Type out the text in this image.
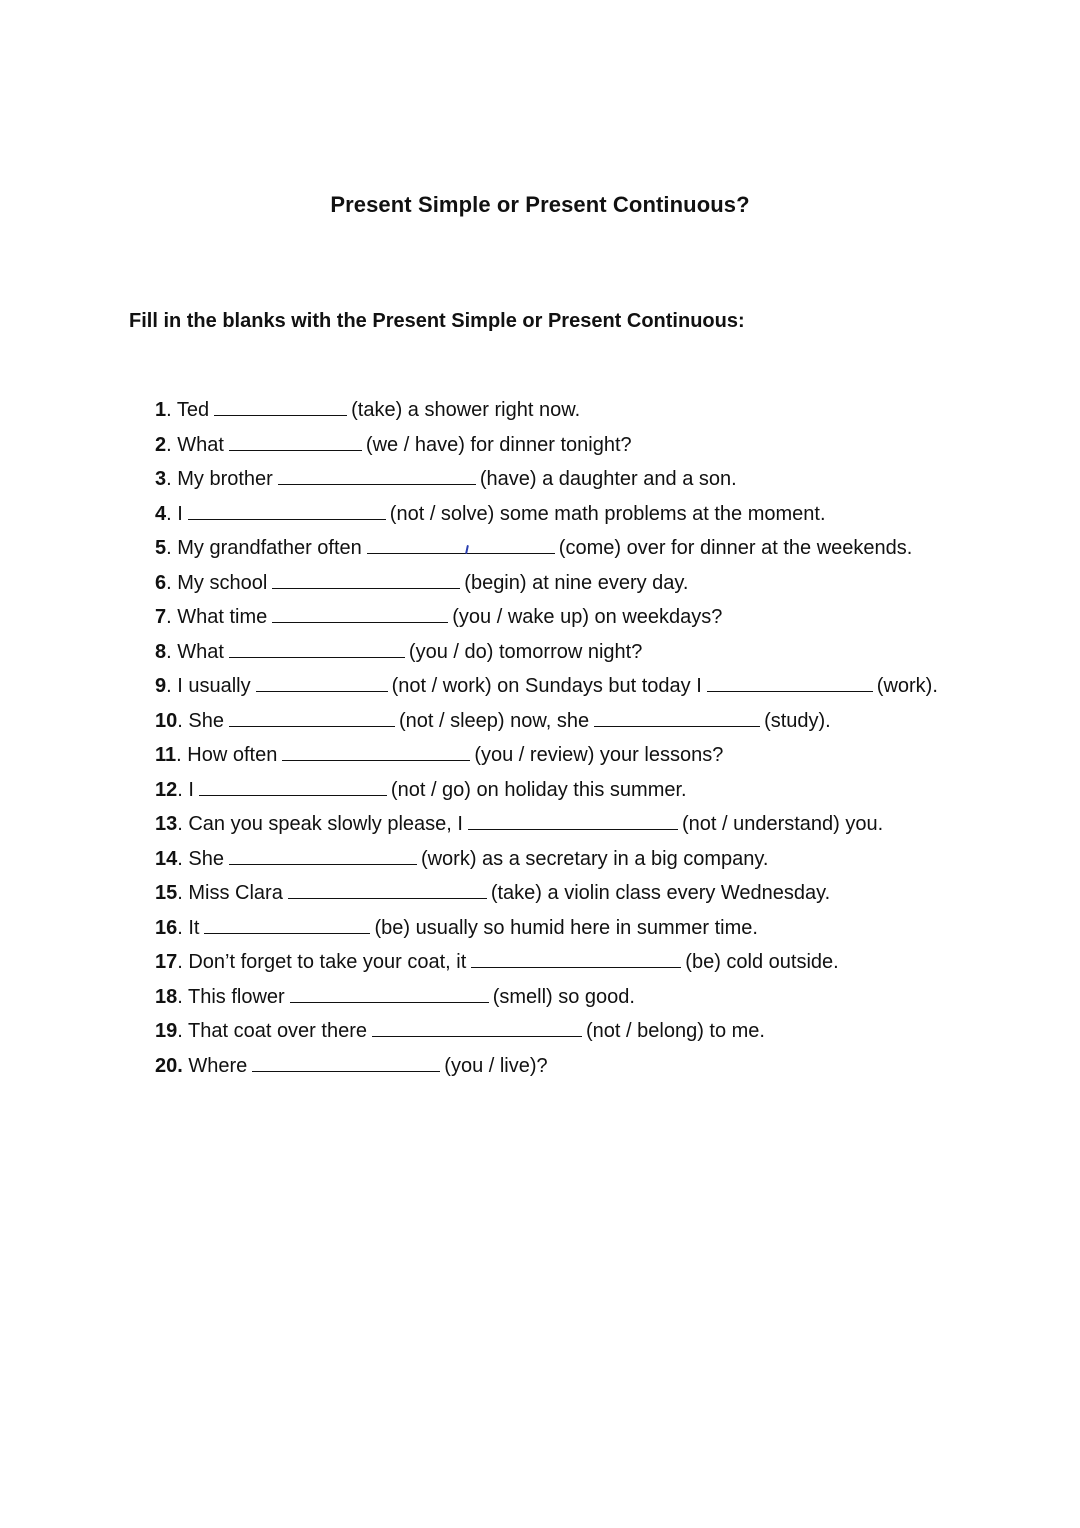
Present Simple or Present Continuous?
Fill in the blanks with the Present Simple or Present Continuous:
1. Ted	(take) a shower right now.
2. What	(we / have) for dinner tonight?
3. My brother	(have) a daughter and a son.
4. I	(not / solve) some math problems at the moment.
5. My grandfather often	(come) over for dinner at the weekends.
6. My school	(begin) at nine every day.
7. What time	(you / wake up) on weekdays?
8. What	(you / do) tomorrow night?
9. I usually	(not / work) on Sundays but today I	(work).
10. She	(not / sleep) now, she	(study).
11. How often	(you / review) your lessons?
12. I	(not / go) on holiday this summer.
13. Can you speak slowly please, I	(not / understand) you.
14. She	(work) as a secretary in a big company.
15. Miss Clara	(take) a violin class every Wednesday.
16. It	(be) usually so humid here in summer time.
17. Don’t forget to take your coat, it	(be) cold outside.
18. This flower	(smell) so good.
19. That coat over there	(not / belong) to me.
20. Where	(you / live)?
